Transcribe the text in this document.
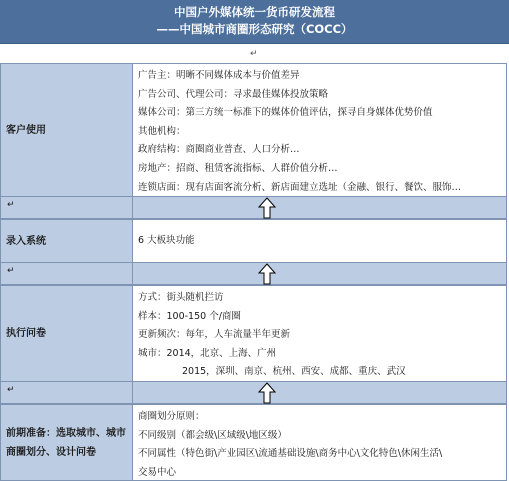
中国户外媒体统一货币研发流程
——中国城市商圈形态研究（COCC）
↵
客户使用
广告主：明晰不同媒体成本与价值差异
广告公司、代理公司：寻求最佳媒体投放策略
媒体公司：第三方统一标准下的媒体价值评估，探寻自身媒体优势价值
其他机构：
政府结构：商圈商业普查、人口分析…
房地产：招商、租赁客流指标、人群价值分析…
连锁店面：现有店面客流分析、新店面建立选址（金融、银行、餐饮、服饰…
↵
录入系统	6 大板块功能
↵
执行问卷
方式：街头随机拦访
样本：100-150 个/商圈
更新频次：每年，人车流量半年更新
城市：2014，北京、上海、广州
2015，深圳、南京、杭州、西安、成都、重庆、武汉
↵
前期准备：选取城市、城市商圈划分、设计问卷
商圈划分原则：
不同级别（都会级\区域级\地区级）
不同属性（特色街\产业园区\流通基础设施\商务中心\文化特色\休闲生活\
交易中心
